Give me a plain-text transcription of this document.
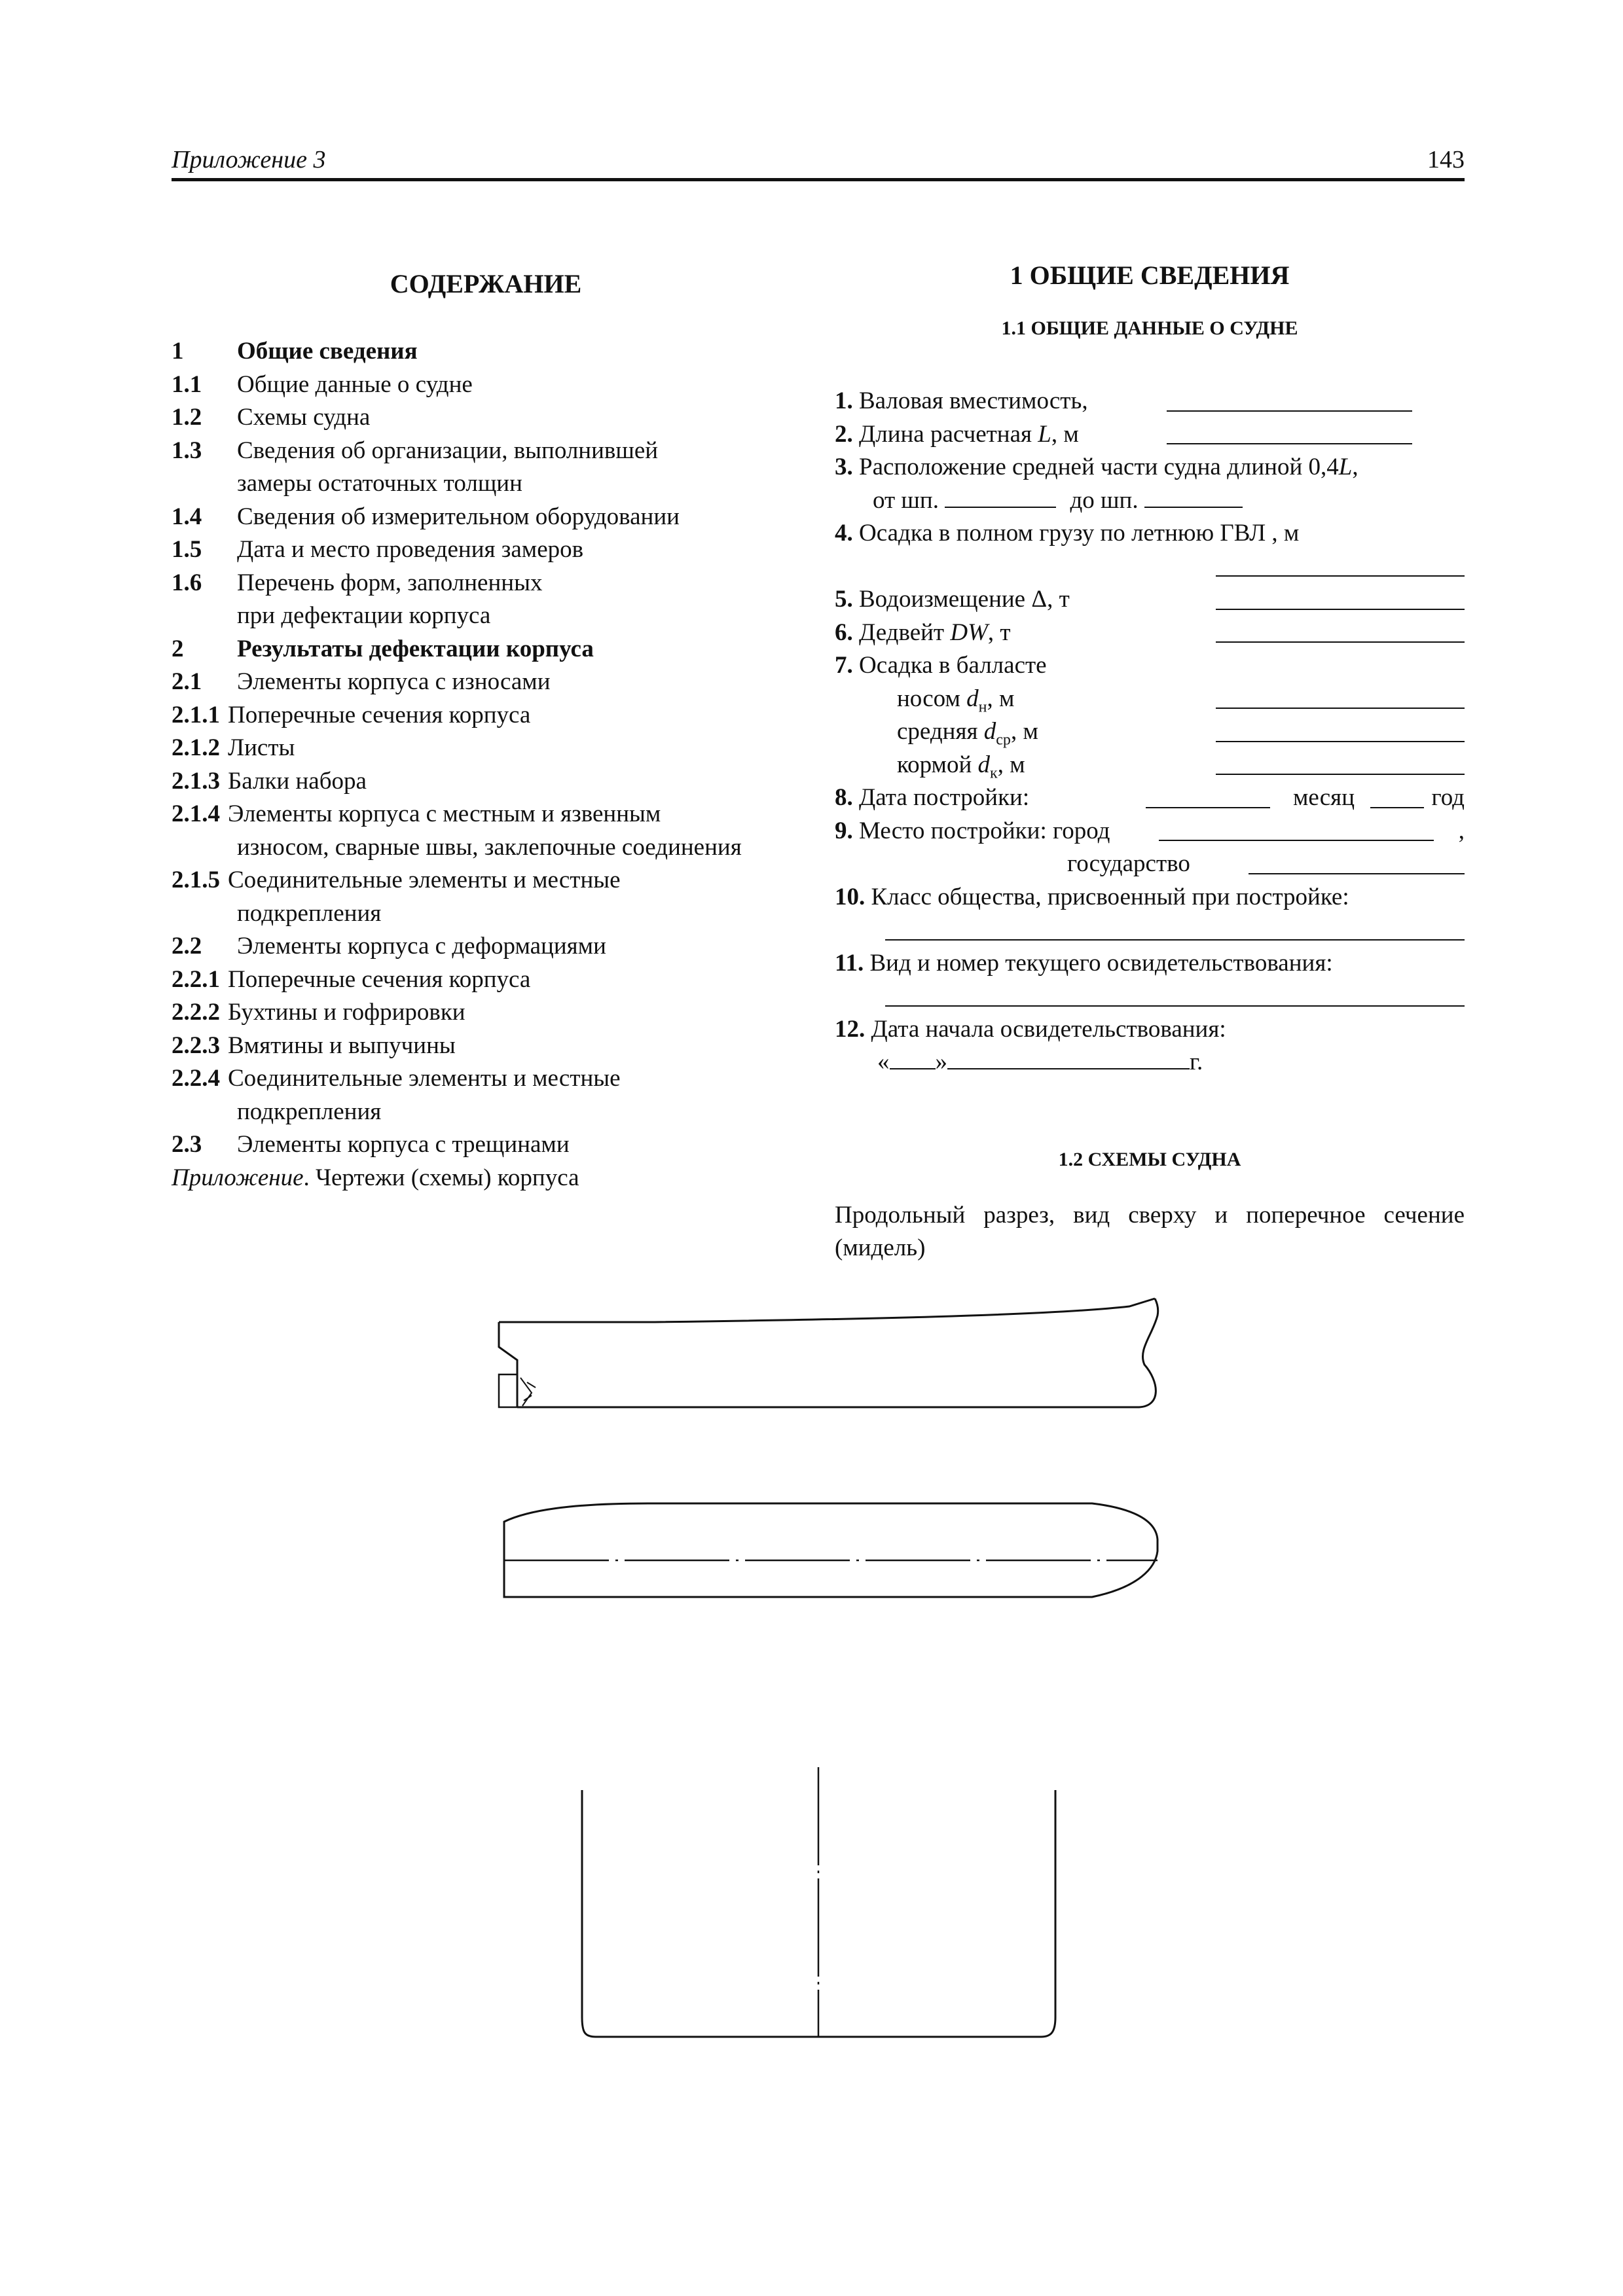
Приложение 3	143
СОДЕРЖАНИЕ
1	Общие сведения
1.1	Общие данные о судне
1.2	Схемы судна
1.3	Сведения об организации, выполнившей
замеры остаточных толщин
1.4	Сведения об измерительном оборудовании
1.5	Дата и место проведения замеров
1.6	Перечень форм, заполненных
при дефектации корпуса
2	Результаты дефектации корпуса
2.1	Элементы корпуса с износами
2.1.1 Поперечные сечения корпуса
2.1.2 Листы
2.1.3 Балки набора
2.1.4 Элементы корпуса с местным и язвенным
износом, сварные швы, заклепочные соединения
2.1.5 Соединительные элементы и местные
подкрепления
2.2	Элементы корпуса с деформациями
2.2.1 Поперечные сечения корпуса
2.2.2 Бухтины и гофрировки
2.2.3 Вмятины и выпучины
2.2.4 Соединительные элементы и местные
подкрепления
2.3	Элементы корпуса с трещинами
Приложение. Чертежи (схемы) корпуса
1 ОБЩИЕ СВЕДЕНИЯ
1.1 ОБЩИЕ ДАННЫЕ О СУДНЕ
1. Валовая вместимость,
2. Длина расчетная L, м
3. Расположение средней части судна длиной 0,4L,
от шп.	до шп.
4. Осадка в полном грузу по летнюю ГВЛ , м
5. Водоизмещение Δ, т
6. Дедвейт DW, т
7. Осадка в балласте
носом $d_н$, м
средняя $d_{ср}$, м
кормой $d_к$, м
8. Дата постройки:	месяц	год
9. Место постройки: город	,
государство
10. Класс общества, присвоенный при постройке:
11. Вид и номер текущего освидетельствования:
12. Дата начала освидетельствования:
« »	г.
1.2 СХЕМЫ СУДНА
Продольный разрез, вид сверху и поперечное сечение (мидель)
